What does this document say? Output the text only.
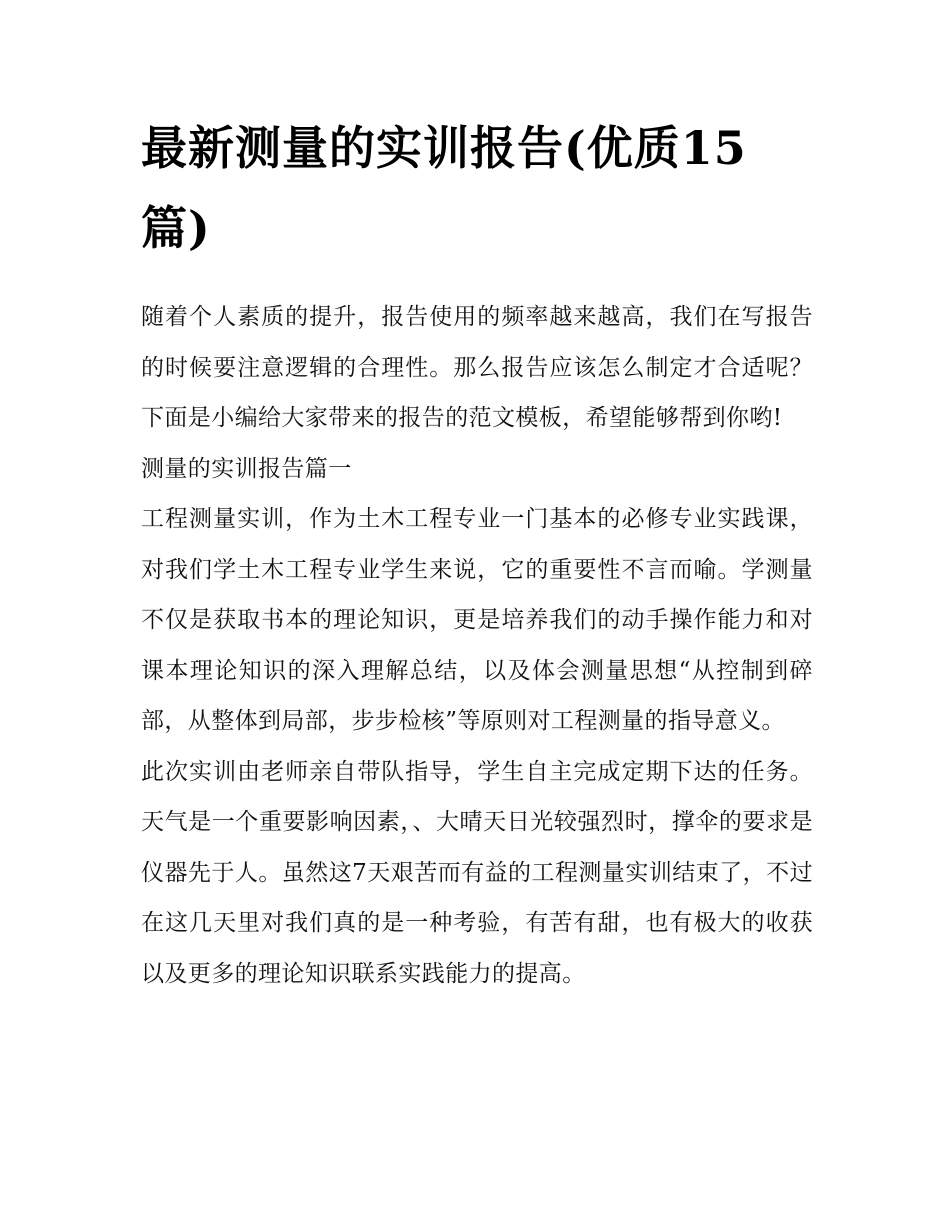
最新测量的实训报告(优质15篇)

随着个人素质的提升，报告使用的频率越来越高，我们在写报告的时候要注意逻辑的合理性。那么报告应该怎么制定才合适呢？下面是小编给大家带来的报告的范文模板，希望能够帮到你哟!

测量的实训报告篇一

工程测量实训，作为土木工程专业一门基本的必修专业实践课，对我们学土木工程专业学生来说，它的重要性不言而喻。学测量不仅是获取书本的理论知识，更是培养我们的动手操作能力和对课本理论知识的深入理解总结，以及体会测量思想“从控制到碎部，从整体到局部，步步检核”等原则对工程测量的指导意义。

此次实训由老师亲自带队指导，学生自主完成定期下达的任务。天气是一个重要影响因素，、大晴天日光较强烈时，撑伞的要求是仪器先于人。虽然这7天艰苦而有益的工程测量实训结束了，不过在这几天里对我们真的是一种考验，有苦有甜，也有极大的收获以及更多的理论知识联系实践能力的提高。
